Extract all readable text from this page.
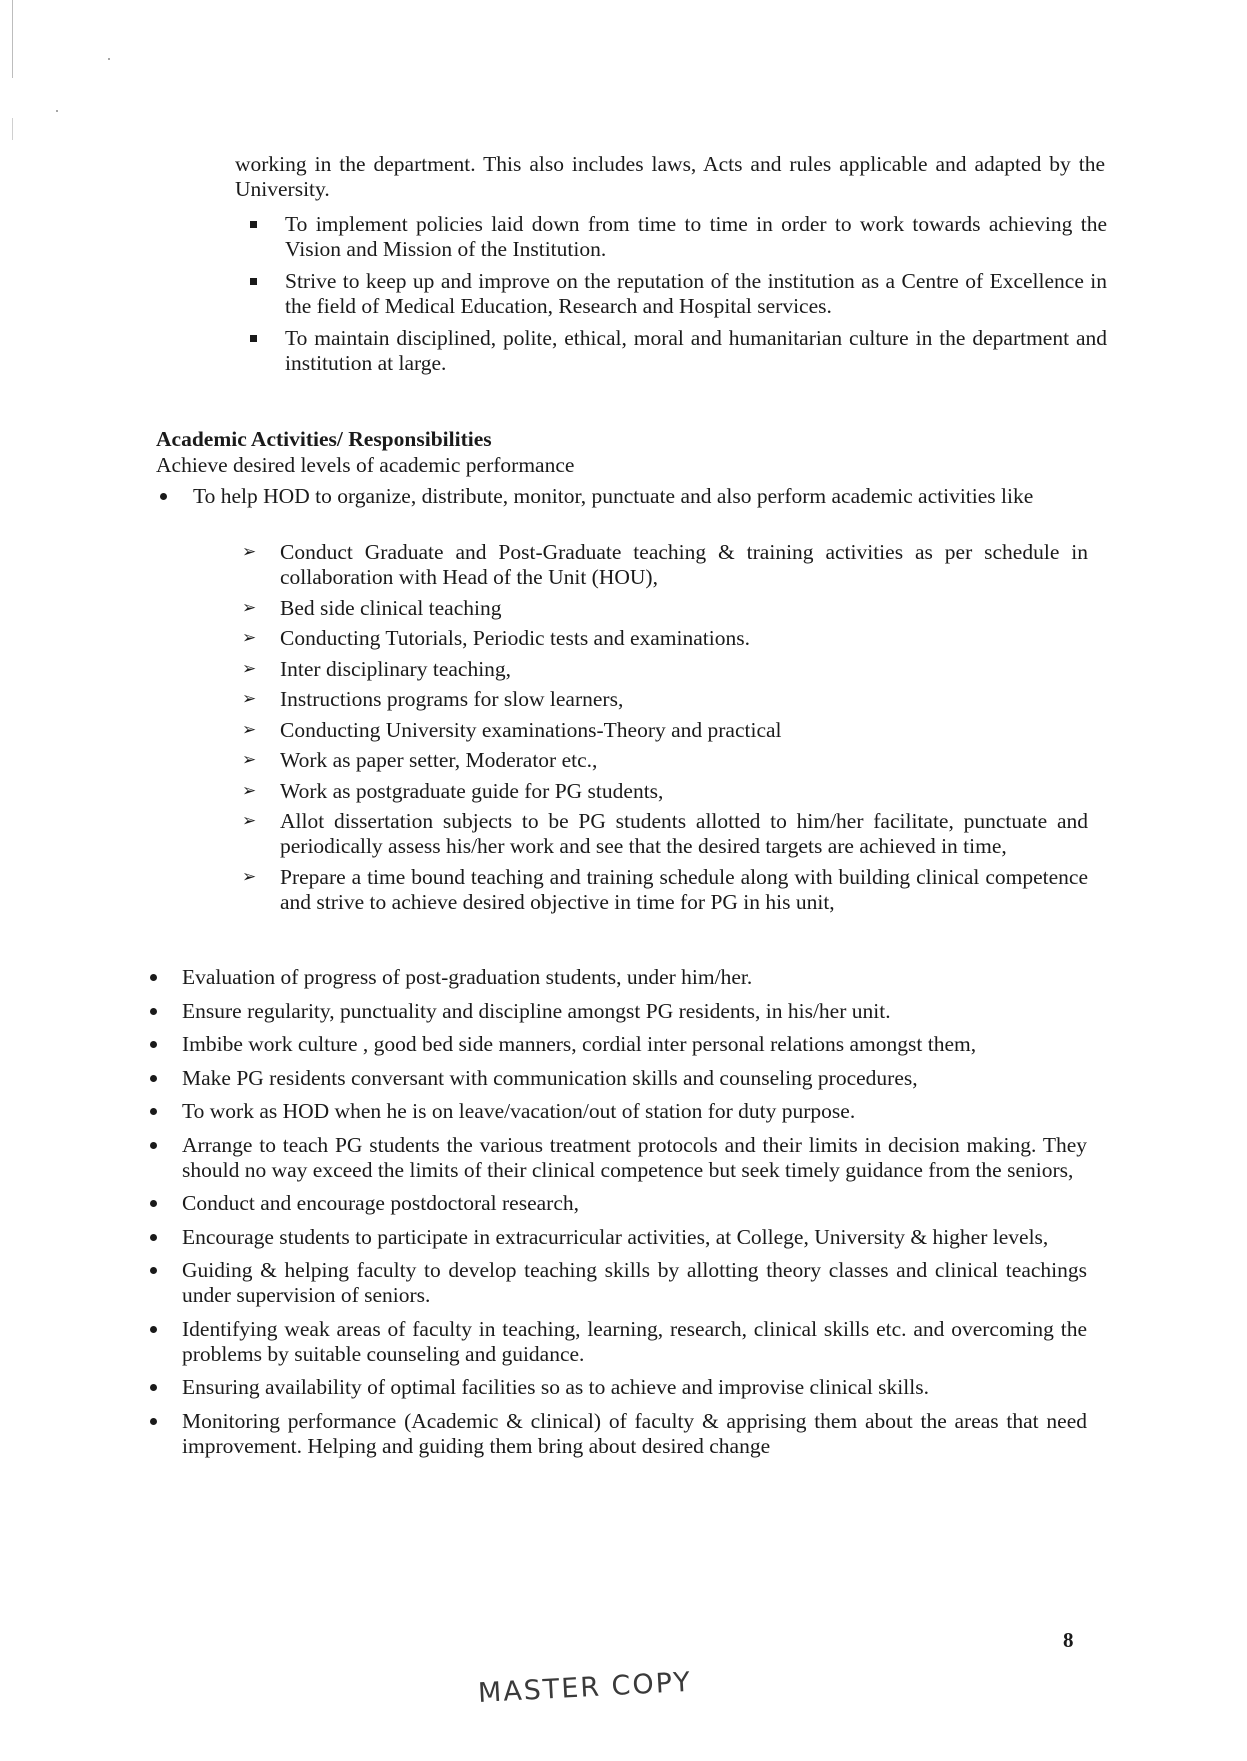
working in the department. This also includes laws, Acts and rules applicable and adapted by the University.
To implement policies laid down from time to time in order to work towards achieving the Vision and Mission of the Institution.
Strive to keep up and improve on the reputation of the institution as a Centre of Excellence in the field of Medical Education, Research and Hospital services.
To maintain disciplined, polite, ethical, moral and humanitarian culture in the department and institution at large.
Academic Activities/ Responsibilities
Achieve desired levels of academic performance
To help HOD to organize, distribute, monitor, punctuate and also perform academic activities like
➢ Conduct Graduate and Post-Graduate teaching & training activities as per schedule in collaboration with Head of the Unit (HOU),
➢ Bed side clinical teaching
➢ Conducting Tutorials, Periodic tests and examinations.
➢ Inter disciplinary teaching,
➢ Instructions programs for slow learners,
➢ Conducting University examinations-Theory and practical
➢ Work as paper setter, Moderator etc.,
➢ Work as postgraduate guide for PG students,
➢ Allot dissertation subjects to be PG students allotted to him/her facilitate, punctuate and periodically assess his/her work and see that the desired targets are achieved in time,
➢ Prepare a time bound teaching and training schedule along with building clinical competence and strive to achieve desired objective in time for PG in his unit,
Evaluation of progress of post-graduation students, under him/her.
Ensure regularity, punctuality and discipline amongst PG residents, in his/her unit.
Imbibe work culture , good bed side manners, cordial inter personal relations amongst them,
Make PG residents conversant with communication skills and counseling procedures,
To work as HOD when he is on leave/vacation/out of station for duty purpose.
Arrange to teach PG students the various treatment protocols and their limits in decision making. They should no way exceed the limits of their clinical competence but seek timely guidance from the seniors,
Conduct and encourage postdoctoral research,
Encourage students to participate in extracurricular activities, at College, University & higher levels,
Guiding & helping faculty to develop teaching skills by allotting theory classes and clinical teachings under supervision of seniors.
Identifying weak areas of faculty in teaching, learning, research, clinical skills etc. and overcoming the problems by suitable counseling and guidance.
Ensuring availability of optimal facilities so as to achieve and improvise clinical skills.
Monitoring performance (Academic & clinical) of faculty & apprising them about the areas that need improvement. Helping and guiding them bring about desired change
8
MASTER COPY
